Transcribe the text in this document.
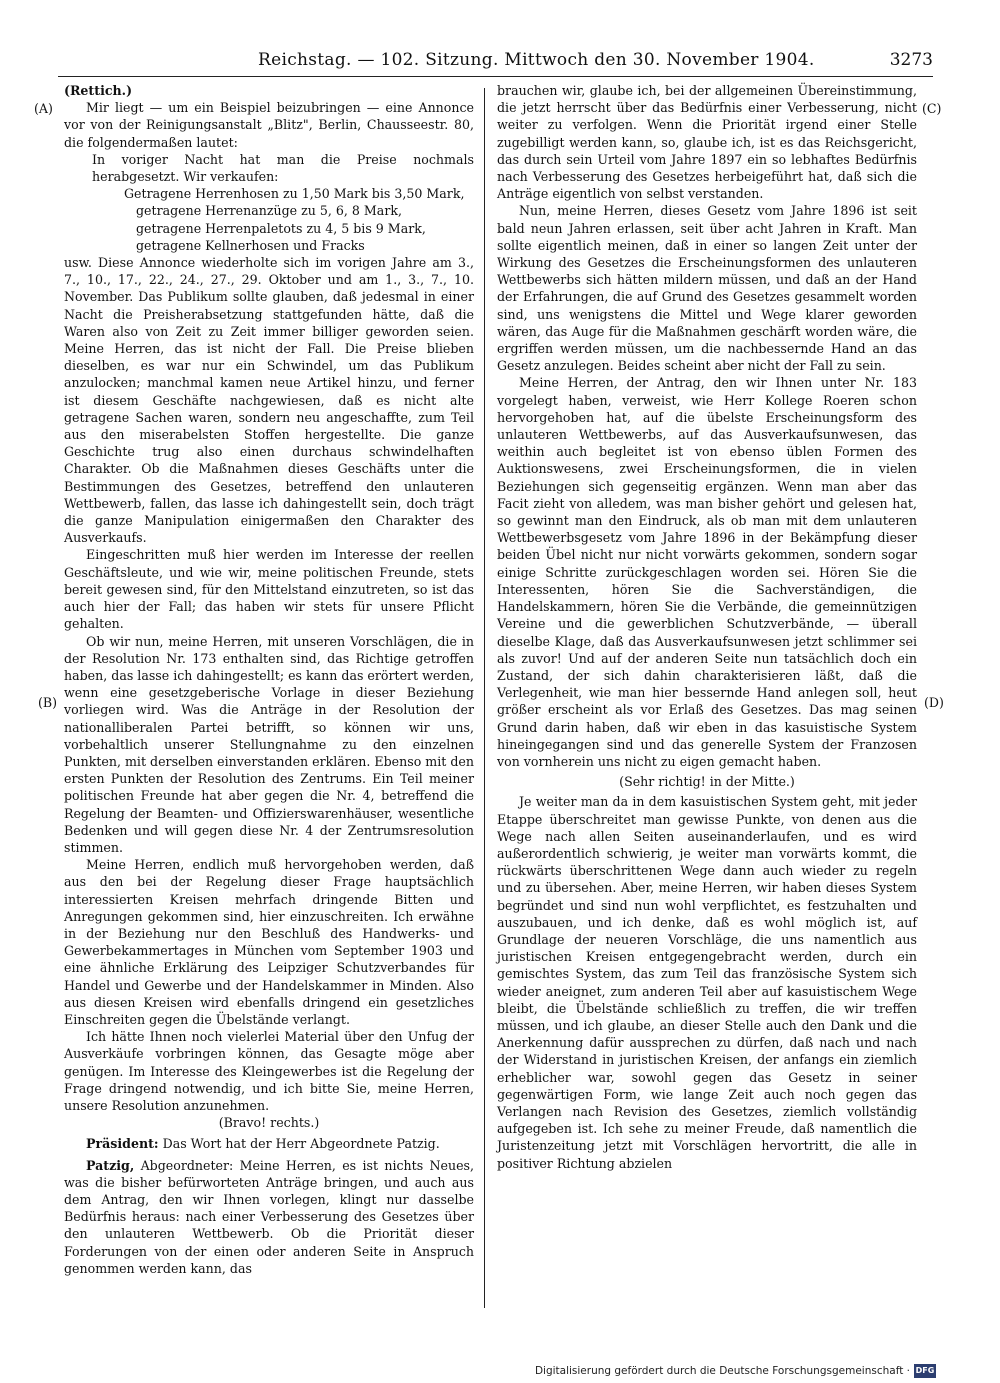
Reichstag. — 102. Sitzung. Mittwoch den 30. November 1904.	3273
(A)
(B)
(C)
(D)

(Rettich.)

Mir liegt — um ein Beispiel beizubringen — eine Annonce vor von der Reinigungsanstalt „Blitz", Berlin, Chausseestr. 80, die folgendermaßen lautet:

In voriger Nacht hat man die Preise nochmals herabgesetzt. Wir verkaufen:

Getragene Herrenhosen zu 1,50 Mark bis 3,50 Mark,

getragene Herrenanzüge zu 5, 6, 8 Mark,

getragene Herrenpaletots zu 4, 5 bis 9 Mark,

getragene Kellnerhosen und Fracks

usw. Diese Annonce wiederholte sich im vorigen Jahre am 3., 7., 10., 17., 22., 24., 27., 29. Oktober und am 1., 3., 7., 10. November. Das Publikum sollte glauben, daß jedesmal in einer Nacht die Preisherabsetzung stattgefunden hätte, daß die Waren also von Zeit zu Zeit immer billiger geworden seien. Meine Herren, das ist nicht der Fall. Die Preise blieben dieselben, es war nur ein Schwindel, um das Publikum anzulocken; manchmal kamen neue Artikel hinzu, und ferner ist diesem Geschäfte nachgewiesen, daß es nicht alte getragene Sachen waren, sondern neu angeschaffte, zum Teil aus den miserabelsten Stoffen hergestellte. Die ganze Geschichte trug also einen durchaus schwindelhaften Charakter. Ob die Maßnahmen dieses Geschäfts unter die Bestimmungen des Gesetzes, betreffend den unlauteren Wettbewerb, fallen, das lasse ich dahingestellt sein, doch trägt die ganze Manipulation einigermaßen den Charakter des Ausverkaufs.

Eingeschritten muß hier werden im Interesse der reellen Geschäftsleute, und wie wir, meine politischen Freunde, stets bereit gewesen sind, für den Mittelstand einzutreten, so ist das auch hier der Fall; das haben wir stets für unsere Pflicht gehalten.

Ob wir nun, meine Herren, mit unseren Vorschlägen, die in der Resolution Nr. 173 enthalten sind, das Richtige getroffen haben, das lasse ich dahingestellt; es kann das erörtert werden, wenn eine gesetzgeberische Vorlage in dieser Beziehung vorliegen wird. Was die Anträge in der Resolution der nationalliberalen Partei betrifft, so können wir uns, vorbehaltlich unserer Stellungnahme zu den einzelnen Punkten, mit derselben einverstanden erklären. Ebenso mit den ersten Punkten der Resolution des Zentrums. Ein Teil meiner politischen Freunde hat aber gegen die Nr. 4, betreffend die Regelung der Beamten- und Offizierswarenhäuser, wesentliche Bedenken und will gegen diese Nr. 4 der Zentrumsresolution stimmen.

Meine Herren, endlich muß hervorgehoben werden, daß aus den bei der Regelung dieser Frage hauptsächlich interessierten Kreisen mehrfach dringende Bitten und Anregungen gekommen sind, hier einzuschreiten. Ich erwähne in der Beziehung nur den Beschluß des Handwerks- und Gewerbekammertages in München vom September 1903 und eine ähnliche Erklärung des Leipziger Schutzverbandes für Handel und Gewerbe und der Handelskammer in Minden. Also aus diesen Kreisen wird ebenfalls dringend ein gesetzliches Einschreiten gegen die Übelstände verlangt.

Ich hätte Ihnen noch vielerlei Material über den Unfug der Ausverkäufe vorbringen können, das Gesagte möge aber genügen. Im Interesse des Kleingewerbes ist die Regelung der Frage dringend notwendig, und ich bitte Sie, meine Herren, unsere Resolution anzunehmen.

(Bravo! rechts.)

Präsident: Das Wort hat der Herr Abgeordnete Patzig.

Patzig, Abgeordneter: Meine Herren, es ist nichts Neues, was die bisher befürworteten Anträge bringen, und auch aus dem Antrag, den wir Ihnen vorlegen, klingt nur dasselbe Bedürfnis heraus: nach einer Verbesserung des Gesetzes über den unlauteren Wettbewerb. Ob die Priorität dieser Forderungen von der einen oder anderen Seite in Anspruch genommen werden kann, das

brauchen wir, glaube ich, bei der allgemeinen Übereinstimmung, die jetzt herrscht über das Bedürfnis einer Verbesserung, nicht weiter zu verfolgen. Wenn die Priorität irgend einer Stelle zugebilligt werden kann, so, glaube ich, ist es das Reichsgericht, das durch sein Urteil vom Jahre 1897 ein so lebhaftes Bedürfnis nach Verbesserung des Gesetzes herbeigeführt hat, daß sich die Anträge eigentlich von selbst verstanden.

Nun, meine Herren, dieses Gesetz vom Jahre 1896 ist seit bald neun Jahren erlassen, seit über acht Jahren in Kraft. Man sollte eigentlich meinen, daß in einer so langen Zeit unter der Wirkung des Gesetzes die Erscheinungsformen des unlauteren Wettbewerbs sich hätten mildern müssen, und daß an der Hand der Erfahrungen, die auf Grund des Gesetzes gesammelt worden sind, uns wenigstens die Mittel und Wege klarer geworden wären, das Auge für die Maßnahmen geschärft worden wäre, die ergriffen werden müssen, um die nachbessernde Hand an das Gesetz anzulegen. Beides scheint aber nicht der Fall zu sein.

Meine Herren, der Antrag, den wir Ihnen unter Nr. 183 vorgelegt haben, verweist, wie Herr Kollege Roeren schon hervorgehoben hat, auf die übelste Erscheinungsform des unlauteren Wettbewerbs, auf das Ausverkaufsunwesen, das weithin auch begleitet ist von ebenso üblen Formen des Auktionswesens, zwei Erscheinungsformen, die in vielen Beziehungen sich gegenseitig ergänzen. Wenn man aber das Facit zieht von alledem, was man bisher gehört und gelesen hat, so gewinnt man den Eindruck, als ob man mit dem unlauteren Wettbewerbsgesetz vom Jahre 1896 in der Bekämpfung dieser beiden Übel nicht nur nicht vorwärts gekommen, sondern sogar einige Schritte zurückgeschlagen worden sei. Hören Sie die Interessenten, hören Sie die Sachverständigen, die Handelskammern, hören Sie die Verbände, die gemeinnützigen Vereine und die gewerblichen Schutzverbände, — überall dieselbe Klage, daß das Ausverkaufsunwesen jetzt schlimmer sei als zuvor! Und auf der anderen Seite nun tatsächlich doch ein Zustand, der sich dahin charakterisieren läßt, daß die Verlegenheit, wie man hier bessernde Hand anlegen soll, heut größer erscheint als vor Erlaß des Gesetzes. Das mag seinen Grund darin haben, daß wir eben in das kasuistische System hineingegangen sind und das generelle System der Franzosen von vornherein uns nicht zu eigen gemacht haben.

(Sehr richtig! in der Mitte.)

Je weiter man da in dem kasuistischen System geht, mit jeder Etappe überschreitet man gewisse Punkte, von denen aus die Wege nach allen Seiten auseinanderlaufen, und es wird außerordentlich schwierig, je weiter man vorwärts kommt, die rückwärts überschrittenen Wege dann auch wieder zu regeln und zu übersehen. Aber, meine Herren, wir haben dieses System begründet und sind nun wohl verpflichtet, es festzuhalten und auszubauen, und ich denke, daß es wohl möglich ist, auf Grundlage der neueren Vorschläge, die uns namentlich aus juristischen Kreisen entgegengebracht werden, durch ein gemischtes System, das zum Teil das französische System sich wieder aneignet, zum anderen Teil aber auf kasuistischem Wege bleibt, die Übelstände schließlich zu treffen, die wir treffen müssen, und ich glaube, an dieser Stelle auch den Dank und die Anerkennung dafür aussprechen zu dürfen, daß nach und nach der Widerstand in juristischen Kreisen, der anfangs ein ziemlich erheblicher war, sowohl gegen das Gesetz in seiner gegenwärtigen Form, wie lange Zeit auch noch gegen das Verlangen nach Revision des Gesetzes, ziemlich vollständig aufgegeben ist. Ich sehe zu meiner Freude, daß namentlich die Juristenzeitung jetzt mit Vorschlägen hervortritt, die alle in positiver Richtung abzielen

Digitalisierung gefördert durch die Deutsche Forschungsgemeinschaft · DFG
